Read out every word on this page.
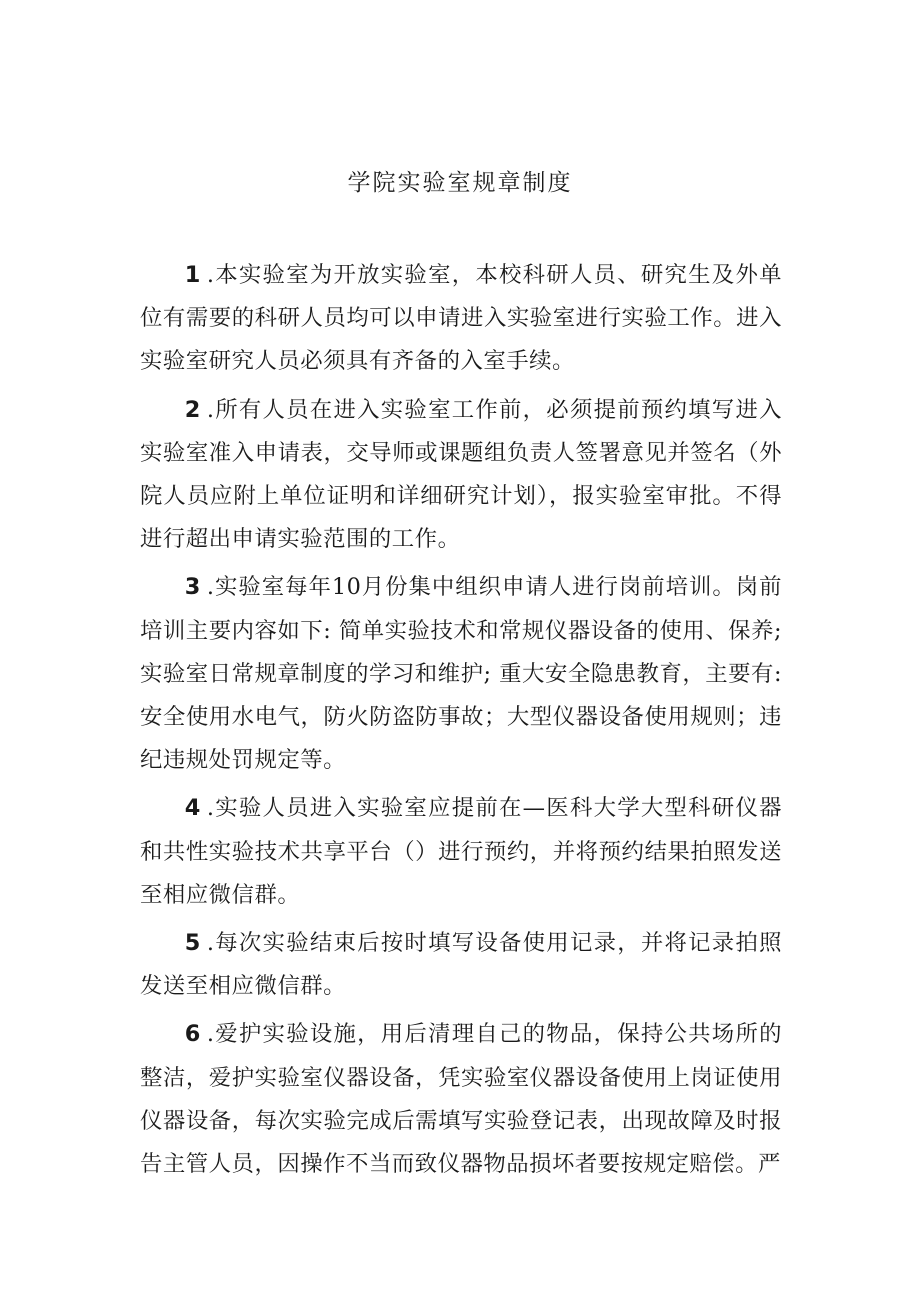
学院实验室规章制度

1 .本实验室为开放实验室，本校科研人员、研究生及外单位有需要的科研人员均可以申请进入实验室进行实验工作。进入实验室研究人员必须具有齐备的入室手续。

2 .所有人员在进入实验室工作前，必须提前预约填写进入实验室准入申请表，交导师或课题组负责人签署意见并签名（外院人员应附上单位证明和详细研究计划），报实验室审批。不得进行超出申请实验范围的工作。

3 .实验室每年10月份集中组织申请人进行岗前培训。岗前培训主要内容如下: 简单实验技术和常规仪器设备的使用、保养; 实验室日常规章制度的学习和维护; 重大安全隐患教育，主要有: 安全使用水电气，防火防盗防事故；大型仪器设备使用规则；违纪违规处罚规定等。

4 .实验人员进入实验室应提前在—医科大学大型科研仪器和共性实验技术共享平台（）进行预约，并将预约结果拍照发送至相应微信群。

5 .每次实验结束后按时填写设备使用记录，并将记录拍照发送至相应微信群。

6 .爱护实验设施，用后清理自己的物品，保持公共场所的整洁，爱护实验室仪器设备，凭实验室仪器设备使用上岗证使用仪器设备，每次实验完成后需填写实验登记表，出现故障及时报告主管人员，因操作不当而致仪器物品损坏者要按规定赔偿。严
